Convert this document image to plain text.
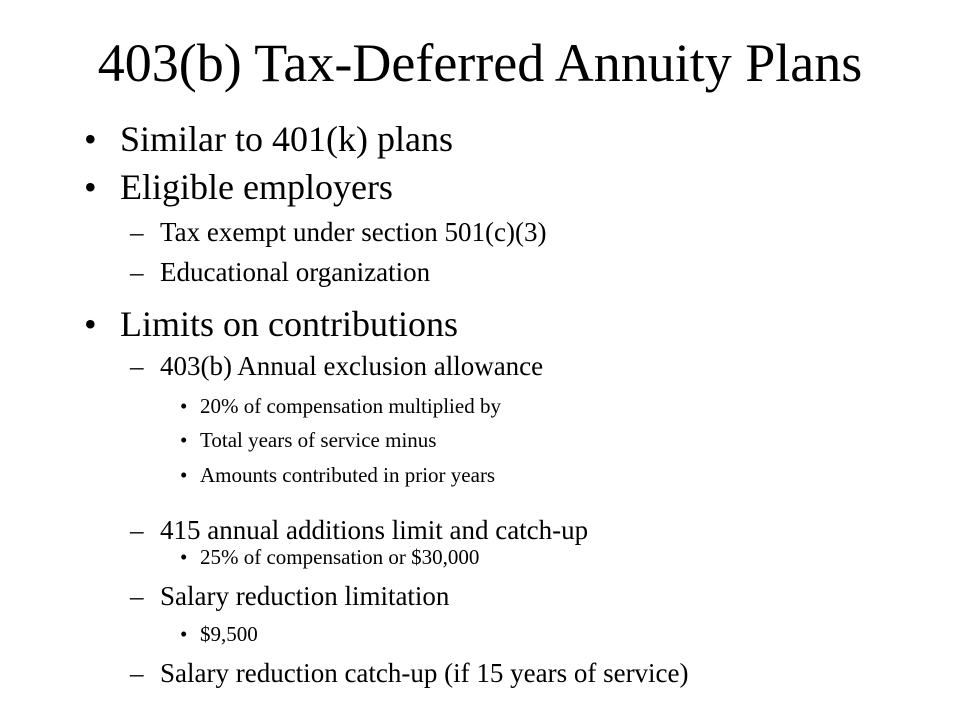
403(b) Tax-Deferred Annuity Plans
• Similar to 401(k) plans
• Eligible employers
– Tax exempt under section 501(c)(3)
– Educational organization
• Limits on contributions
– 403(b) Annual exclusion allowance
• 20% of compensation multiplied by
• Total years of service minus
• Amounts contributed in prior years
– 415 annual additions limit and catch-up
• 25% of compensation or $30,000
– Salary reduction limitation
• $9,500
– Salary reduction catch-up (if 15 years of service)
